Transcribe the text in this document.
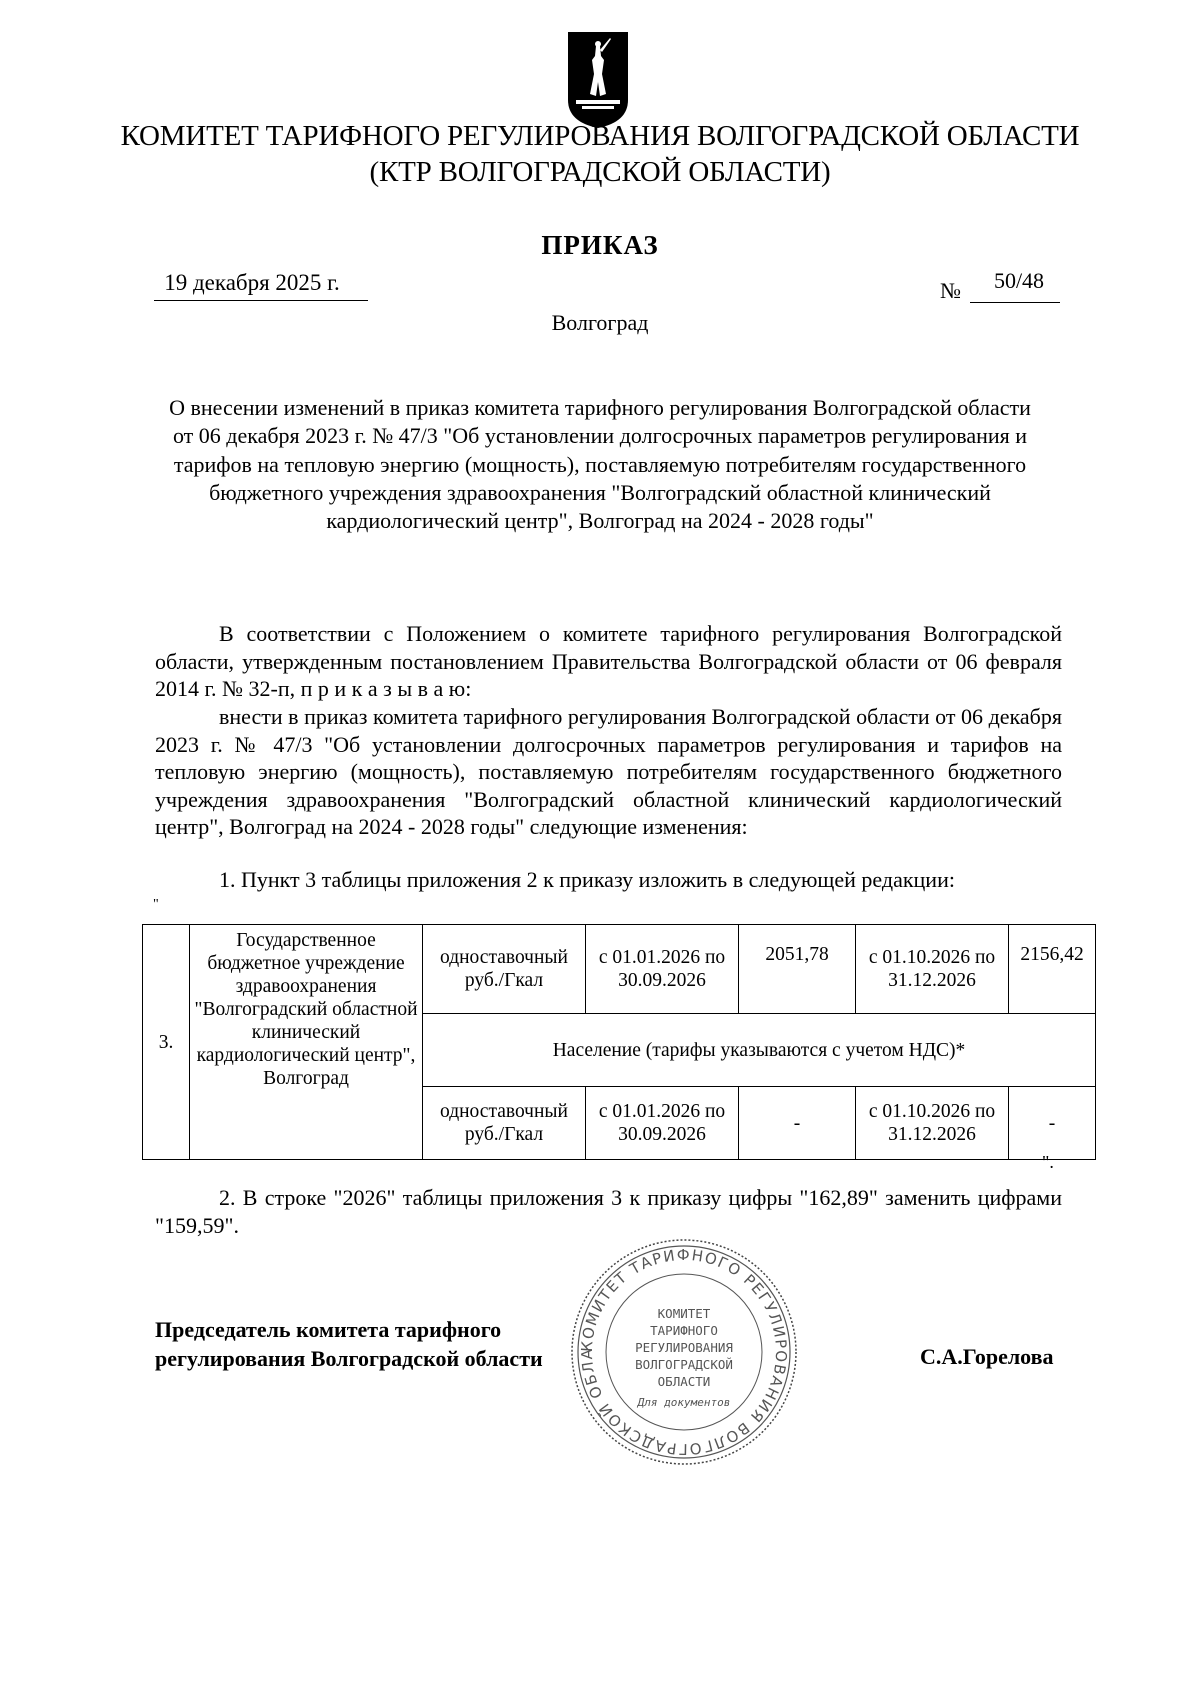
КОМИТЕТ ТАРИФНОГО РЕГУЛИРОВАНИЯ ВОЛГОГРАДСКОЙ ОБЛАСТИ
(КТР ВОЛГОГРАДСКОЙ ОБЛАСТИ)
ПРИКАЗ
19 декабря 2025 г.	№	50/48
Волгоград
О внесении изменений в приказ комитета тарифного регулирования Волгоградской области от 06 декабря 2023 г. № 47/3 "Об установлении долгосрочных параметров регулирования и тарифов на тепловую энергию (мощность), поставляемую потребителям государственного бюджетного учреждения здравоохранения "Волгоградский областной клинический кардиологический центр", Волгоград на 2024 - 2028 годы"
В соответствии с Положением о комитете тарифного регулирования Волгоградской области, утвержденным постановлением Правительства Волгоградской области от 06 февраля 2014 г. № 32-п, п р и к а з ы в а ю:
внести в приказ комитета тарифного регулирования Волгоградской области от 06 декабря 2023 г. № 47/3 "Об установлении долгосрочных параметров регулирования и тарифов на тепловую энергию (мощность), поставляемую потребителям государственного бюджетного учреждения здравоохранения "Волгоградский областной клинический кардиологический центр", Волгоград на 2024 - 2028 годы" следующие изменения:
1. Пункт 3 таблицы приложения 2 к приказу изложить в следующей редакции:
"
3.	Государственное бюджетное учреждение здравоохранения "Волгоградский областной клинический кардиологический центр", Волгоград	одноставочный руб./Гкал	с 01.01.2026 по 30.09.2026	2051,78	с 01.10.2026 по 31.12.2026	2156,42
		Население (тарифы указываются с учетом НДС)*				
		одноставочный руб./Гкал	с 01.01.2026 по 30.09.2026	-	с 01.10.2026 по 31.12.2026	-
".
2. В строке "2026" таблицы приложения 3 к приказу цифры "162,89" заменить цифрами "159,59".
Председатель комитета тарифного
регулирования Волгоградской области
КОМИТЕТ ТАРИФНОГО РЕГУЛИРОВАНИЯ ВОЛГОГРАДСКОЙ ОБЛА
КОМИТЕТ
ТАРИФНОГО
РЕГУЛИРОВАНИЯ
ВОЛГОГРАДСКОЙ
ОБЛАСТИ
Для документов
С.А.Горелова
